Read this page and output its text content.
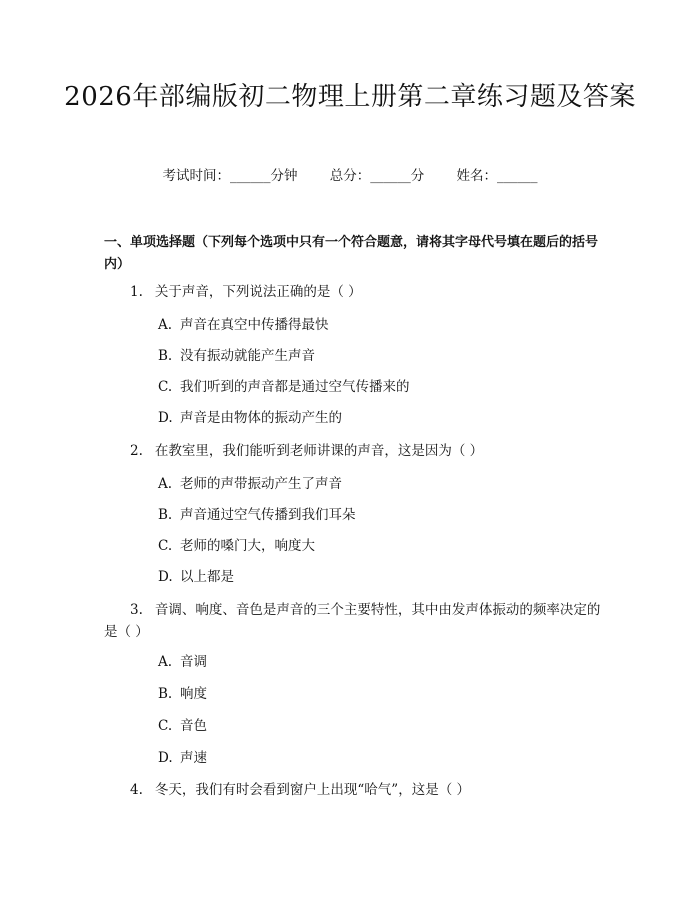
2026年部编版初二物理上册第二章练习题及答案
考试时间：______分钟 总分：______分 姓名：______
一、单项选择题（下列每个选项中只有一个符合题意，请将其字母代号填在题后的括号内）
1. 关于声音，下列说法正确的是（ ）
A. 声音在真空中传播得最快
B. 没有振动就能产生声音
C. 我们听到的声音都是通过空气传播来的
D. 声音是由物体的振动产生的
2. 在教室里，我们能听到老师讲课的声音，这是因为（ ）
A. 老师的声带振动产生了声音
B. 声音通过空气传播到我们耳朵
C. 老师的嗓门大，响度大
D. 以上都是
3. 音调、响度、音色是声音的三个主要特性，其中由发声体振动的频率决定的是（ ）
A. 音调
B. 响度
C. 音色
D. 声速
4. 冬天，我们有时会看到窗户上出现“哈气”，这是（ ）
